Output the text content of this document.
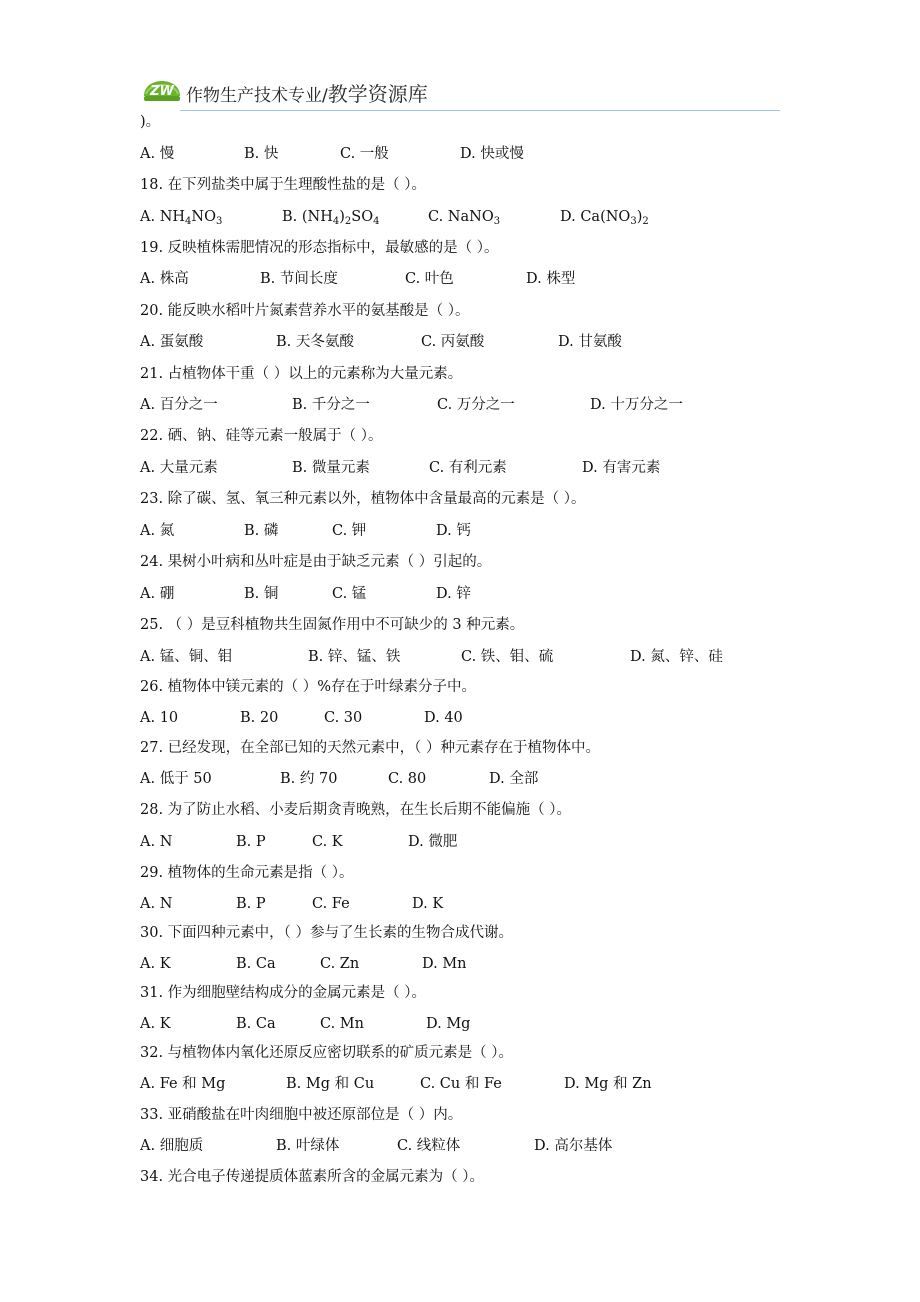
ZW 作物生产技术专业/教学资源库
)。
A. 慢	B. 快	C. 一般	D. 快或慢
18. 在下列盐类中属于生理酸性盐的是（ ）。
A. $NH_4NO_3$	B. $(NH_4)_2SO_4$	C. NaNO$_3$	D. $Ca(NO_3)_2$
19. 反映植株需肥情况的形态指标中，最敏感的是（ ）。
A. 株高	B. 节间长度	C. 叶色	D. 株型
20. 能反映水稻叶片氮素营养水平的氨基酸是（ ）。
A. 蛋氨酸	B. 天冬氨酸	C. 丙氨酸	D. 甘氨酸
21. 占植物体干重（ ）以上的元素称为大量元素。
A. 百分之一	B. 千分之一	C. 万分之一	D. 十万分之一
22. 硒、钠、硅等元素一般属于（ ）。
A. 大量元素	B. 微量元素	C. 有利元素	D. 有害元素
23. 除了碳、氢、氧三种元素以外，植物体中含量最高的元素是（ ）。
A. 氮	B. 磷	C. 钾	D. 钙
24. 果树小叶病和丛叶症是由于缺乏元素（ ）引起的。
A. 硼	B. 铜	C. 锰	D. 锌
25. （ ）是豆科植物共生固氮作用中不可缺少的 3 种元素。
A. 锰、铜、钼	B. 锌、锰、铁	C. 铁、钼、硫	D. 氮、锌、硅
26. 植物体中镁元素的（ ）%存在于叶绿素分子中。
A. 10	B. 20	C. 30	D. 40
27. 已经发现，在全部已知的天然元素中，（ ）种元素存在于植物体中。
A. 低于 50	B. 约 70	C. 80	D. 全部
28. 为了防止水稻、小麦后期贪青晚熟，在生长后期不能偏施（ ）。
A. N	B. P	C. K	D. 微肥
29. 植物体的生命元素是指（ ）。
A. N	B. P	C. Fe	D. K
30. 下面四种元素中，（ ）参与了生长素的生物合成代谢。
A. K	B. Ca	C. Zn	D. Mn
31. 作为细胞壁结构成分的金属元素是（ ）。
A. K	B. Ca	C. Mn	D. Mg
32. 与植物体内氧化还原反应密切联系的矿质元素是（ ）。
A. Fe 和 Mg	B. Mg 和 Cu	C. Cu 和 Fe	D. Mg 和 Zn
33. 亚硝酸盐在叶肉细胞中被还原部位是（ ）内。
A. 细胞质	B. 叶绿体	C. 线粒体	D. 高尔基体
34. 光合电子传递提质体蓝素所含的金属元素为（ ）。
